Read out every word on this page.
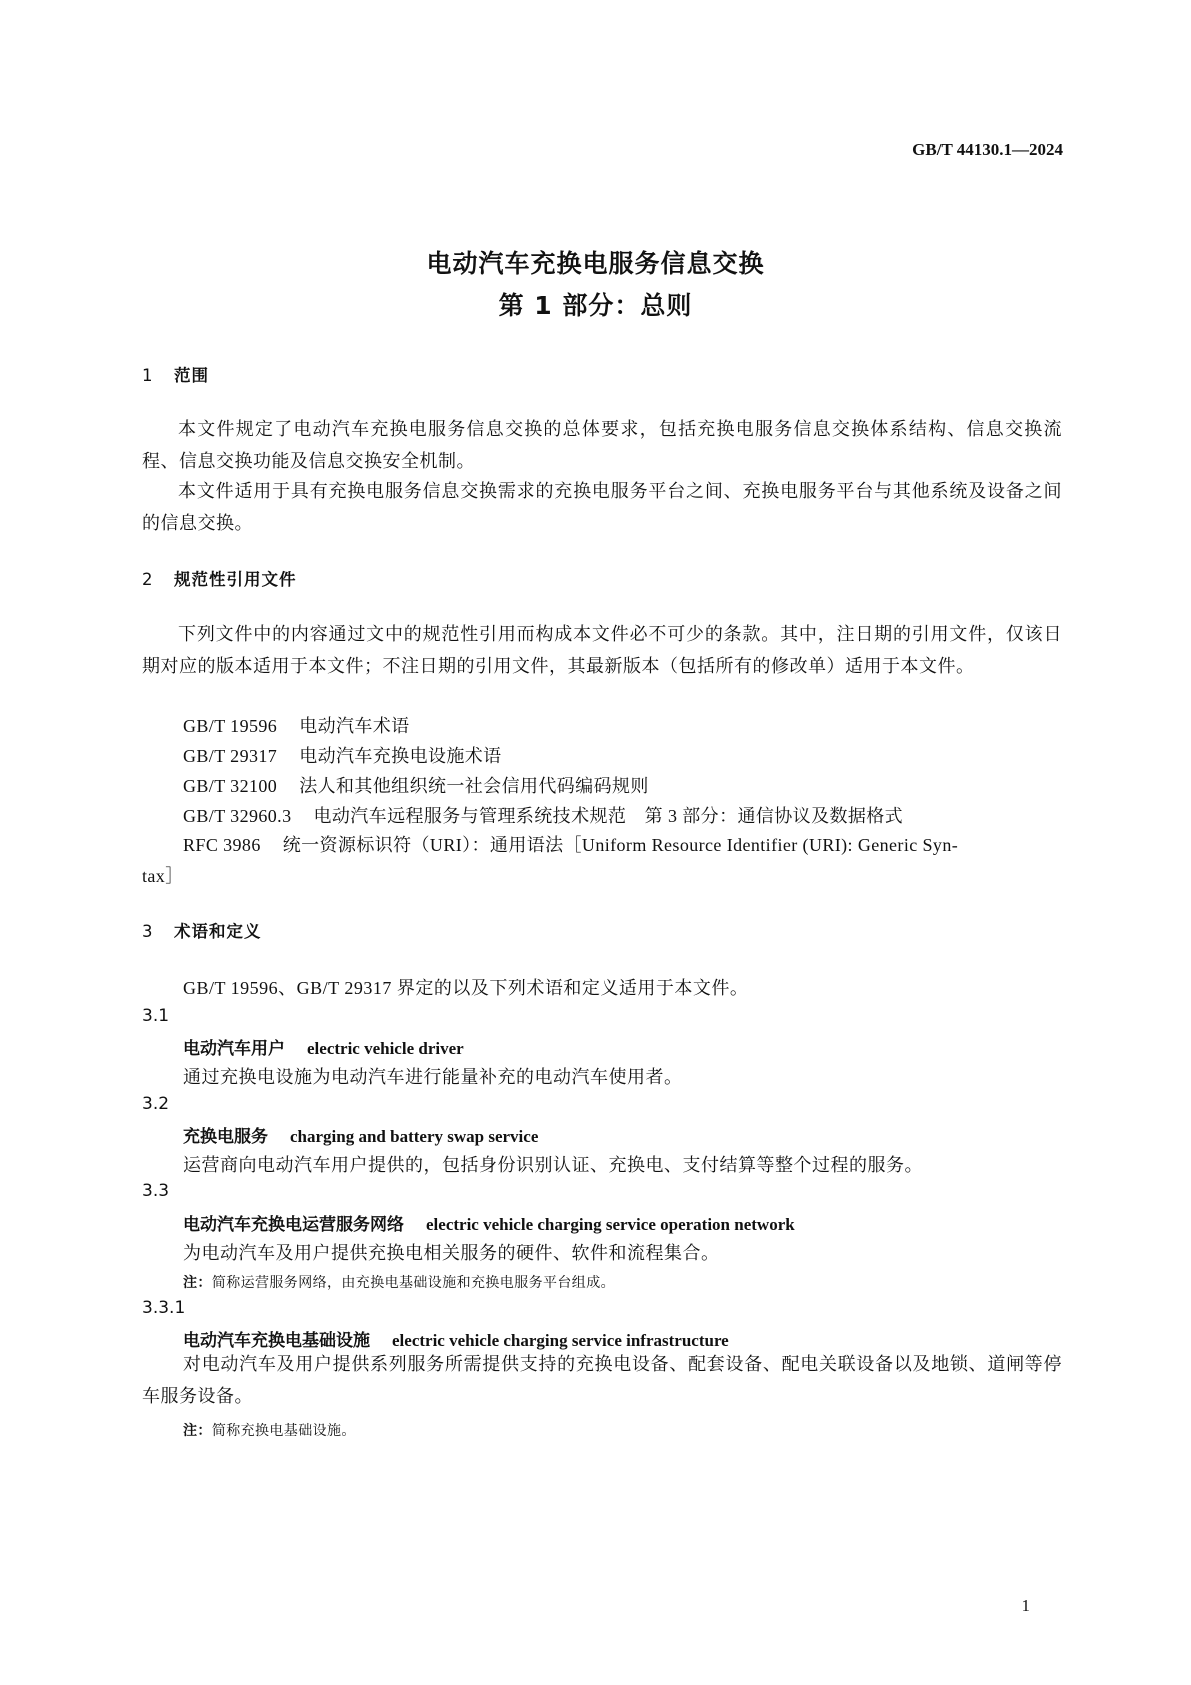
GB/T 44130.1—2024
电动汽车充换电服务信息交换
第 1 部分：总则
1 范围
本文件规定了电动汽车充换电服务信息交换的总体要求，包括充换电服务信息交换体系结构、信息交换流程、信息交换功能及信息交换安全机制。
本文件适用于具有充换电服务信息交换需求的充换电服务平台之间、充换电服务平台与其他系统及设备之间的信息交换。
2 规范性引用文件
下列文件中的内容通过文中的规范性引用而构成本文件必不可少的条款。其中，注日期的引用文件，仅该日期对应的版本适用于本文件；不注日期的引用文件，其最新版本（包括所有的修改单）适用于本文件。
GB/T 19596 电动汽车术语
GB/T 29317 电动汽车充换电设施术语
GB/T 32100 法人和其他组织统一社会信用代码编码规则
GB/T 32960.3 电动汽车远程服务与管理系统技术规范　第 3 部分：通信协议及数据格式
RFC 3986 统一资源标识符（URI）：通用语法［Uniform Resource Identifier (URI): Generic Syn-
tax］
3 术语和定义
GB/T 19596、GB/T 29317 界定的以及下列术语和定义适用于本文件。
3.1
电动汽车用户 electric vehicle driver
通过充换电设施为电动汽车进行能量补充的电动汽车使用者。
3.2
充换电服务 charging and battery swap service
运营商向电动汽车用户提供的，包括身份识别认证、充换电、支付结算等整个过程的服务。
3.3
电动汽车充换电运营服务网络 electric vehicle charging service operation network
为电动汽车及用户提供充换电相关服务的硬件、软件和流程集合。
注：简称运营服务网络，由充换电基础设施和充换电服务平台组成。
3.3.1
电动汽车充换电基础设施 electric vehicle charging service infrastructure
对电动汽车及用户提供系列服务所需提供支持的充换电设备、配套设备、配电关联设备以及地锁、道闸等停车服务设备。
注：简称充换电基础设施。
1
